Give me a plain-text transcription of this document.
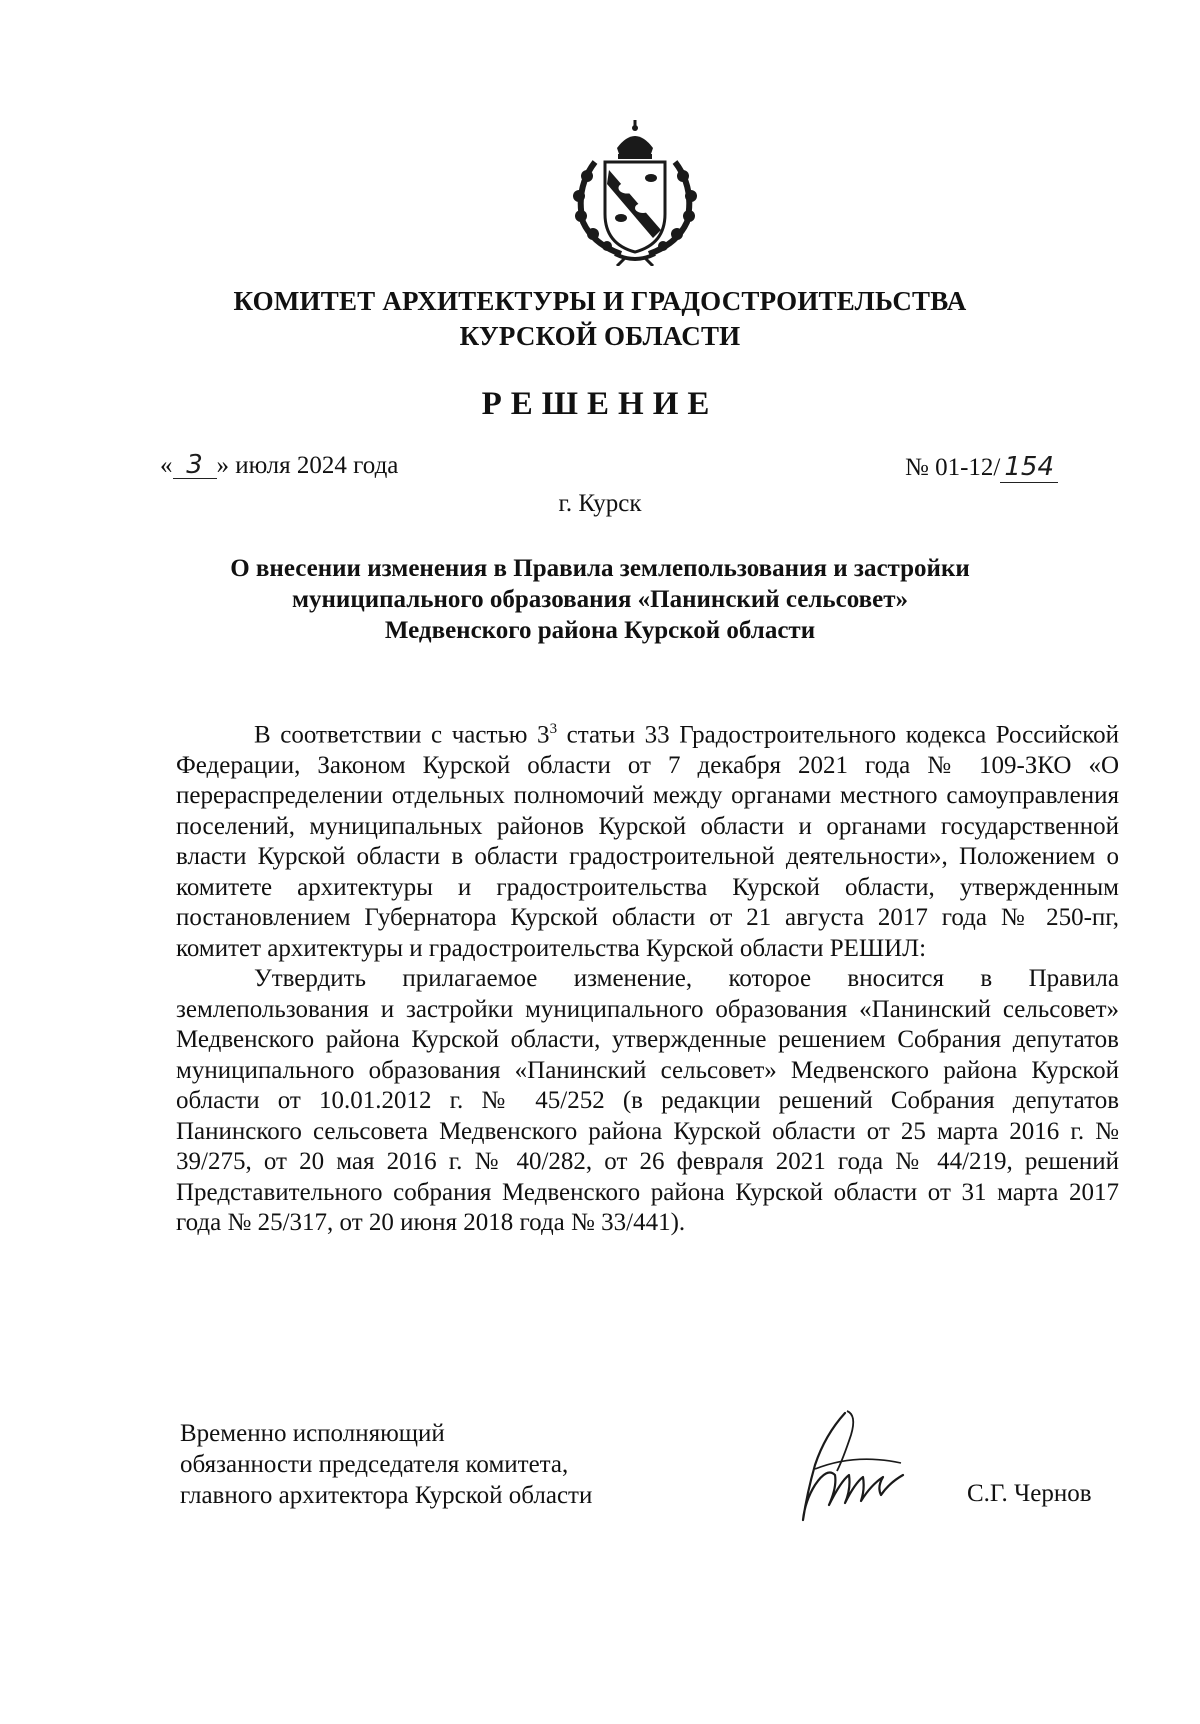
КОМИТЕТ АРХИТЕКТУРЫ И ГРАДОСТРОИТЕЛЬСТВА
КУРСКОЙ ОБЛАСТИ
РЕШЕНИЕ
« 3 » июля 2024 года	№ 01-12/ 154
г. Курск
О внесении изменения в Правила землепользования и застройки
муниципального образования «Панинский сельсовет»
Медвенского района Курской области

В соответствии с частью $3^3$ статьи 33 Градостроительного кодекса Российской Федерации, Законом Курской области от 7 декабря 2021 года № 109-ЗКО «О перераспределении отдельных полномочий между органами местного самоуправления поселений, муниципальных районов Курской области и органами государственной власти Курской области в области градостроительной деятельности», Положением о комитете архитектуры и градостроительства Курской области, утвержденным постановлением Губернатора Курской области от 21 августа 2017 года № 250-пг, комитет архитектуры и градостроительства Курской области РЕШИЛ:

Утвердить прилагаемое изменение, которое вносится в Правила землепользования и застройки муниципального образования «Панинский сельсовет» Медвенского района Курской области, утвержденные решением Собрания депутатов муниципального образования «Панинский сельсовет» Медвенского района Курской области от 10.01.2012 г. № 45/252 (в редакции решений Собрания депутатов Панинского сельсовета Медвенского района Курской области от 25 марта 2016 г. № 39/275, от 20 мая 2016 г. № 40/282, от 26 февраля 2021 года № 44/219, решений Представительного собрания Медвенского района Курской области от 31 марта 2017 года № 25/317, от 20 июня 2018 года № 33/441).

Временно исполняющий
обязанности председателя комитета,
главного архитектора Курской области	С.Г. Чернов
